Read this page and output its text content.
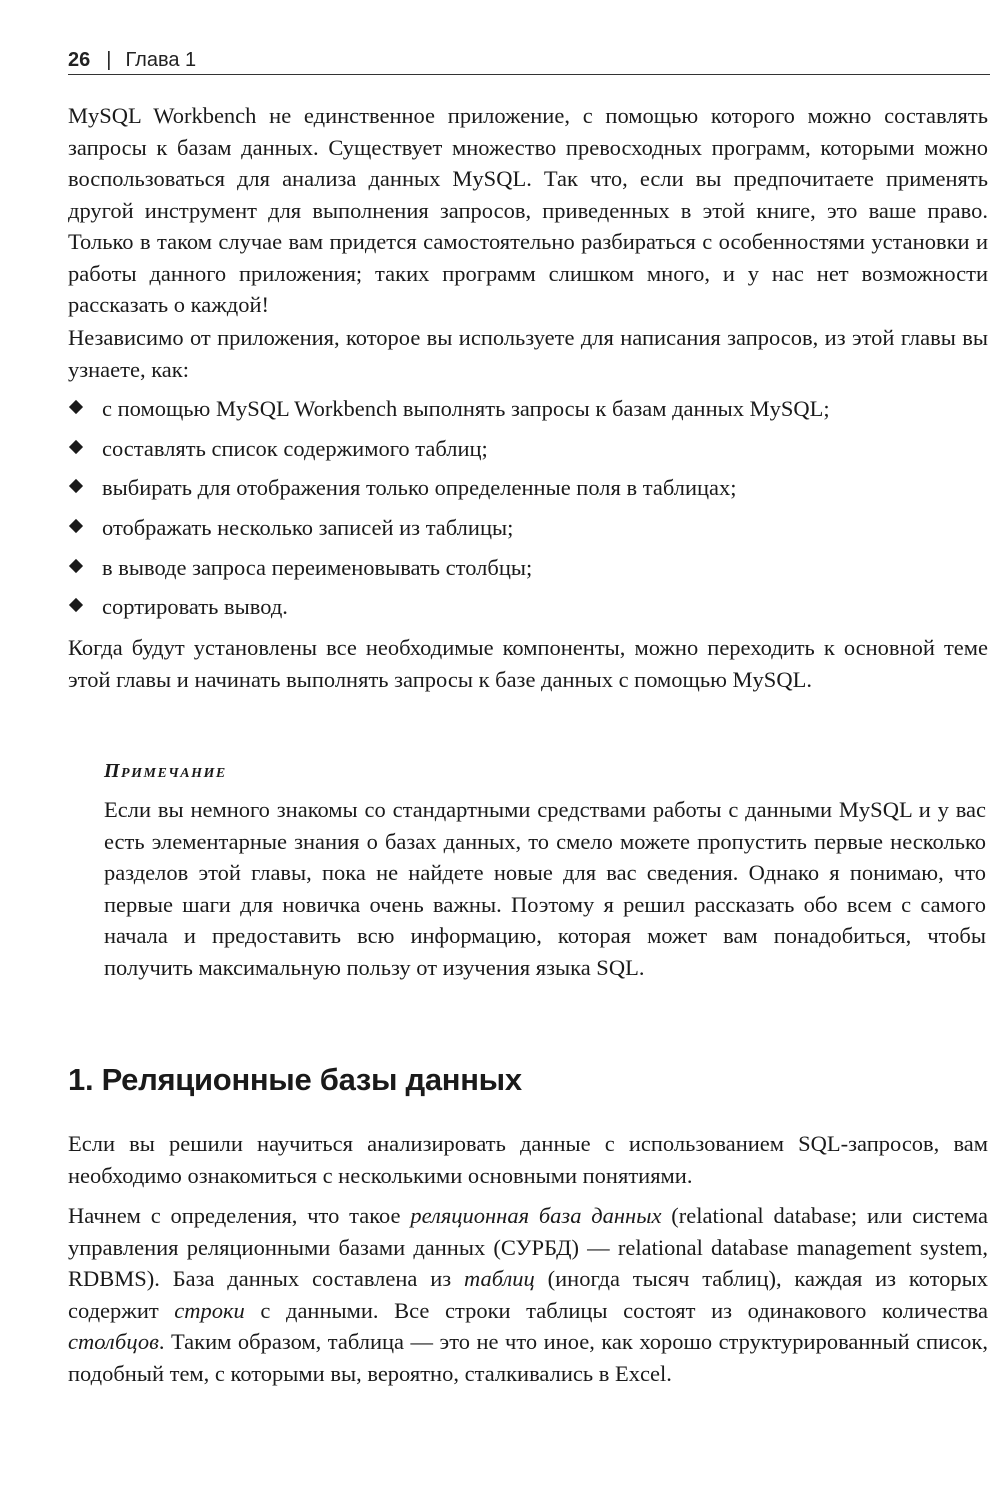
26 | Глава 1

MySQL Workbench не единственное приложение, с помощью которого можно составлять запросы к базам данных. Существует множество превосходных программ, которыми можно воспользоваться для анализа данных MySQL. Так что, если вы предпочитаете применять другой инструмент для выполнения запросов, приведенных в этой книге, это ваше право. Только в таком случае вам придется самостоятельно разбираться с особенностями установки и работы данного приложения; таких программ слишком много, и у нас нет возможности рассказать о каждой!

Независимо от приложения, которое вы используете для написания запросов, из этой главы вы узнаете, как:

с помощью MySQL Workbench выполнять запросы к базам данных MySQL;
составлять список содержимого таблиц;
выбирать для отображения только определенные поля в таблицах;
отображать несколько записей из таблицы;
в выводе запроса переименовывать столбцы;
сортировать вывод.

Когда будут установлены все необходимые компоненты, можно переходить к основной теме этой главы и начинать выполнять запросы к базе данных с помощью MySQL.

Примечание

Если вы немного знакомы со стандартными средствами работы с данными MySQL и у вас есть элементарные знания о базах данных, то смело можете пропустить первые несколько разделов этой главы, пока не найдете новые для вас сведения. Однако я понимаю, что первые шаги для новичка очень важны. Поэтому я решил рассказать обо всем с самого начала и предоставить всю информацию, которая может вам понадобиться, чтобы получить максимальную пользу от изучения языка SQL.

1. Реляционные базы данных

Если вы решили научиться анализировать данные с использованием SQL-запросов, вам необходимо ознакомиться с несколькими основными понятиями.

Начнем с определения, что такое реляционная база данных (relational database; или система управления реляционными базами данных (СУРБД) — relational database management system, RDBMS). База данных составлена из таблиц (иногда тысяч таблиц), каждая из которых содержит строки с данными. Все строки таблицы состоят из одинакового количества столбцов. Таким образом, таблица — это не что иное, как хорошо структурированный список, подобный тем, с которыми вы, вероятно, сталкивались в Excel.
